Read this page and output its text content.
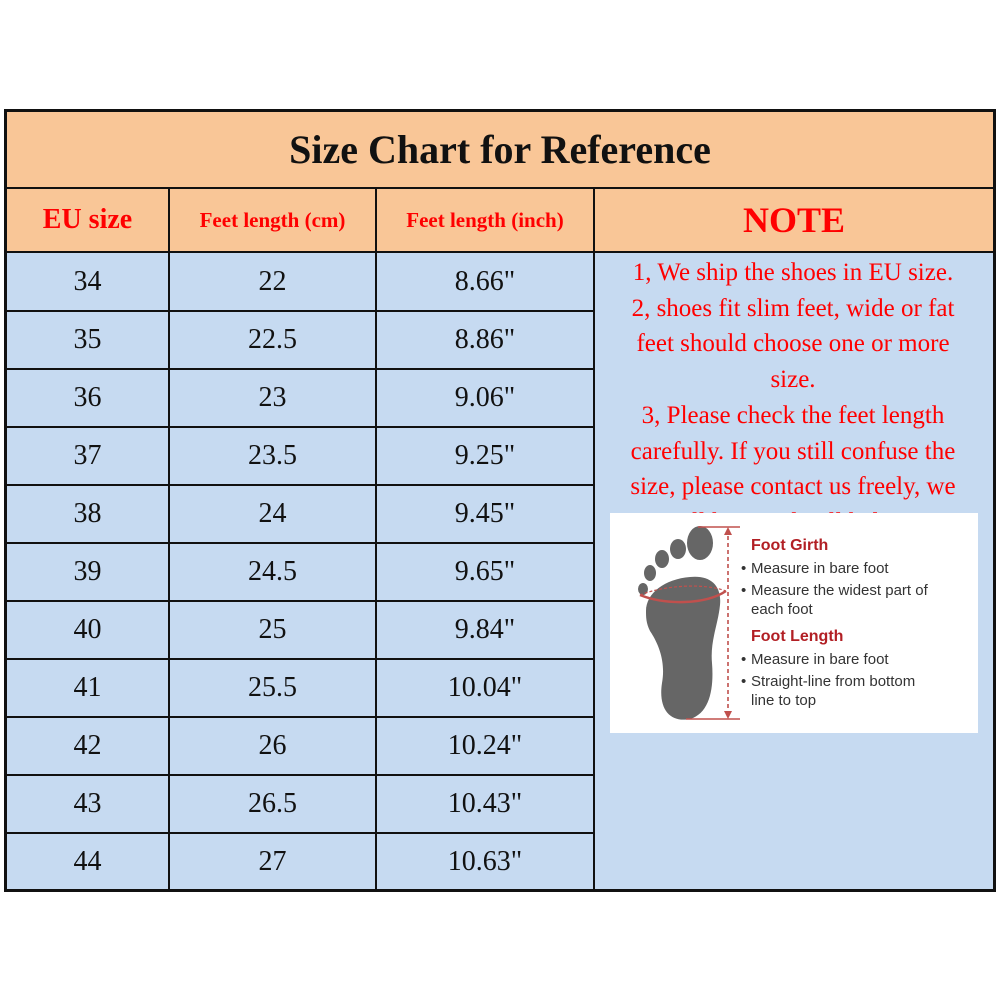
Size Chart for Reference
EU size	Feet length (cm)	Feet length (inch)	NOTE
34	22	8.66"
35	22.5	8.86"
36	23	9.06"
37	23.5	9.25"
38	24	9.45"
39	24.5	9.65"
40	25	9.84"
41	25.5	10.04"
42	26	10.24"
43	26.5	10.43"
44	27	10.63"
1, We ship the shoes in EU size.
2, shoes fit slim feet, wide or fat
feet should choose one or more
size.
3, Please check the feet length
carefully. If you still confuse the
size, please contact us freely, we
Foot Girth
• Measure in bare foot
• Measure the widest part of
each foot
Foot Length
• Measure in bare foot
• Straight-line from bottom
line to top
